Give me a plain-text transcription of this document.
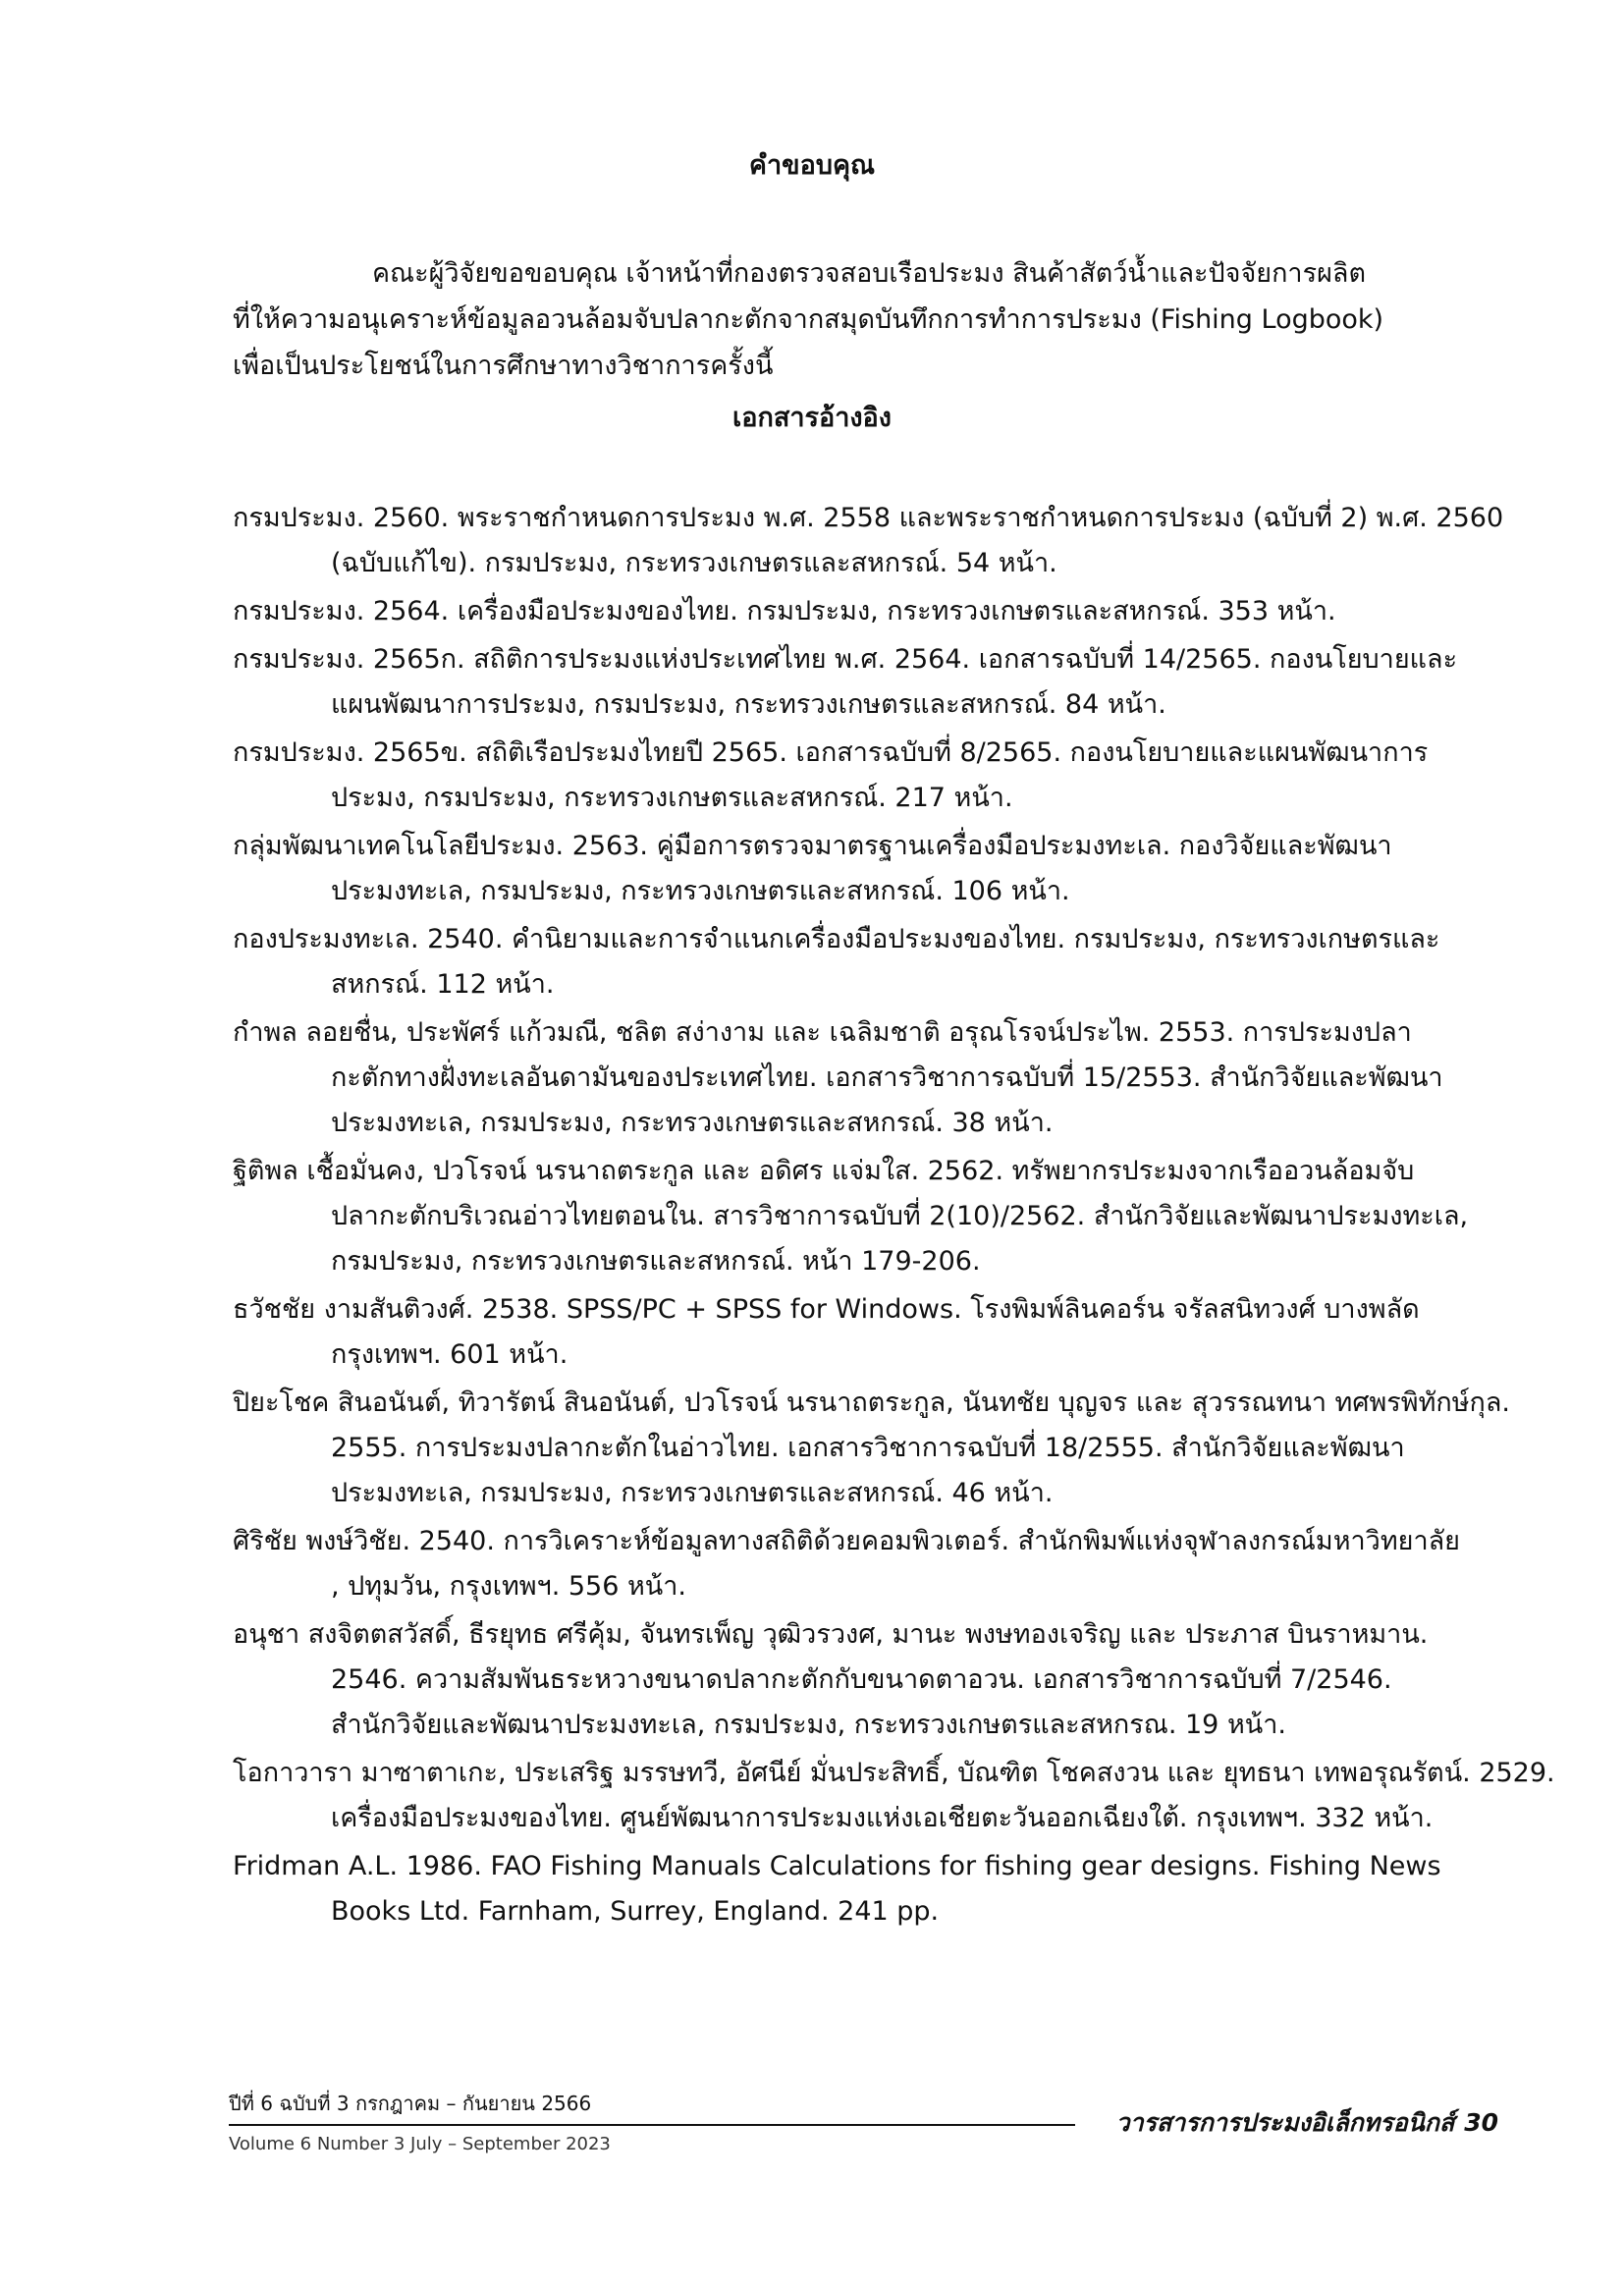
คำขอบคุณ
คณะผู้วิจัยขอขอบคุณ เจ้าหน้าที่กองตรวจสอบเรือประมง สินค้าสัตว์น้ำและปัจจัยการผลิต
ที่ให้ความอนุเคราะห์ข้อมูลอวนล้อมจับปลากะตักจากสมุดบันทึกการทำการประมง (Fishing Logbook)
เพื่อเป็นประโยชน์ในการศึกษาทางวิชาการครั้งนี้
เอกสารอ้างอิง
กรมประมง. 2560. พระราชกำหนดการประมง พ.ศ. 2558 และพระราชกำหนดการประมง (ฉบับที่ 2) พ.ศ. 2560
(ฉบับแก้ไข). กรมประมง, กระทรวงเกษตรและสหกรณ์. 54 หน้า.
กรมประมง. 2564. เครื่องมือประมงของไทย. กรมประมง, กระทรวงเกษตรและสหกรณ์. 353 หน้า.
กรมประมง. 2565ก. สถิติการประมงแห่งประเทศไทย พ.ศ. 2564. เอกสารฉบับที่ 14/2565. กองนโยบายและ
แผนพัฒนาการประมง, กรมประมง, กระทรวงเกษตรและสหกรณ์. 84 หน้า.
กรมประมง. 2565ข. สถิติเรือประมงไทยปี 2565. เอกสารฉบับที่ 8/2565. กองนโยบายและแผนพัฒนาการ
ประมง, กรมประมง, กระทรวงเกษตรและสหกรณ์. 217 หน้า.
กลุ่มพัฒนาเทคโนโลยีประมง. 2563. คู่มือการตรวจมาตรฐานเครื่องมือประมงทะเล. กองวิจัยและพัฒนา
ประมงทะเล, กรมประมง, กระทรวงเกษตรและสหกรณ์. 106 หน้า.
กองประมงทะเล. 2540. คำนิยามและการจำแนกเครื่องมือประมงของไทย. กรมประมง, กระทรวงเกษตรและ
สหกรณ์. 112 หน้า.
กำพล ลอยชื่น, ประพัศร์ แก้วมณี, ชลิต สง่างาม และ เฉลิมชาติ อรุณโรจน์ประไพ. 2553. การประมงปลา
กะตักทางฝั่งทะเลอันดามันของประเทศไทย. เอกสารวิชาการฉบับที่ 15/2553. สำนักวิจัยและพัฒนา
ประมงทะเล, กรมประมง, กระทรวงเกษตรและสหกรณ์. 38 หน้า.
ฐิติพล เชื้อมั่นคง, ปวโรจน์ นรนาถตระกูล และ อดิศร แจ่มใส. 2562. ทรัพยากรประมงจากเรืออวนล้อมจับ
ปลากะตักบริเวณอ่าวไทยตอนใน. สารวิชาการฉบับที่ 2(10)/2562. สำนักวิจัยและพัฒนาประมงทะเล,
กรมประมง, กระทรวงเกษตรและสหกรณ์. หน้า 179-206.
ธวัชชัย งามสันติวงศ์. 2538. SPSS/PC + SPSS for Windows. โรงพิมพ์ลินคอร์น จรัลสนิทวงศ์ บางพลัด
กรุงเทพฯ. 601 หน้า.
ปิยะโชค สินอนันต์, ทิวารัตน์ สินอนันต์, ปวโรจน์ นรนาถตระกูล, นันทชัย บุญจร และ สุวรรณทนา ทศพรพิทักษ์กุล.
2555. การประมงปลากะตักในอ่าวไทย. เอกสารวิชาการฉบับที่ 18/2555. สำนักวิจัยและพัฒนา
ประมงทะเล, กรมประมง, กระทรวงเกษตรและสหกรณ์. 46 หน้า.
ศิริชัย พงษ์วิชัย. 2540. การวิเคราะห์ข้อมูลทางสถิติด้วยคอมพิวเตอร์. สำนักพิมพ์แห่งจุฬาลงกรณ์มหาวิทยาลัย
, ปทุมวัน, กรุงเทพฯ. 556 หน้า.
อนุชา สงจิตตสวัสดิ์, ธีรยุทธ ศรีคุ้ม, จันทรเพ็ญ วุฒิวรวงศ, มานะ พงษทองเจริญ และ ประภาส บินราหมาน.
2546. ความสัมพันธระหวางขนาดปลากะตักกับขนาดตาอวน. เอกสารวิชาการฉบับที่ 7/2546.
สำนักวิจัยและพัฒนาประมงทะเล, กรมประมง, กระทรวงเกษตรและสหกรณ. 19 หน้า.
โอกาวารา มาซาตาเกะ, ประเสริฐ มรรษทวี, อัศนีย์ มั่นประสิทธิ์, บัณฑิต โชคสงวน และ ยุทธนา เทพอรุณรัตน์. 2529.
เครื่องมือประมงของไทย. ศูนย์พัฒนาการประมงแห่งเอเชียตะวันออกเฉียงใต้. กรุงเทพฯ. 332 หน้า.
Fridman A.L. 1986. FAO Fishing Manuals Calculations for fishing gear designs. Fishing News
Books Ltd. Farnham, Surrey, England. 241 pp.
ปีที่ 6 ฉบับที่ 3 กรกฎาคม – กันยายน 2566
Volume 6 Number 3 July – September 2023
วารสารการประมงอิเล็กทรอนิกส์ 30
